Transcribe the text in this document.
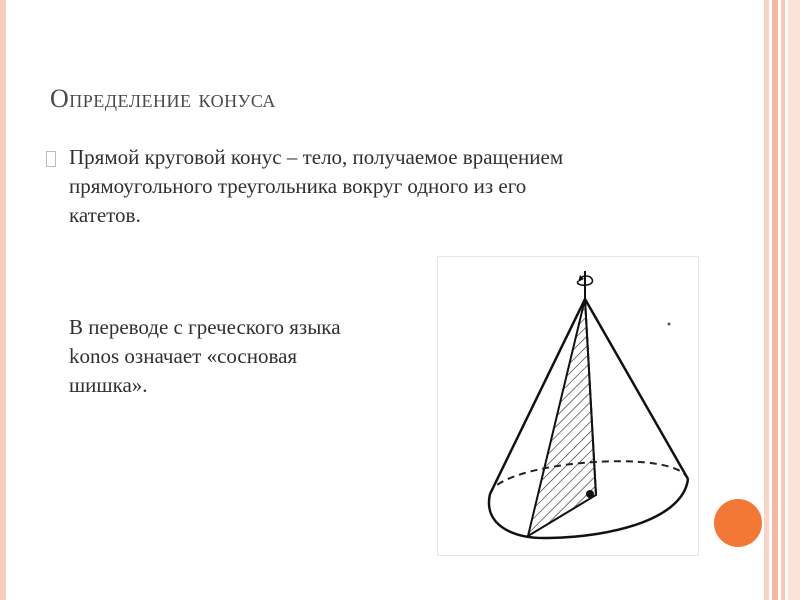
Определение конуса
Прямой круговой конус – тело, получаемое вращением
прямоугольного треугольника вокруг одного из его
катетов.
В переводе с греческого языка
konos означает «сосновая
шишка».
